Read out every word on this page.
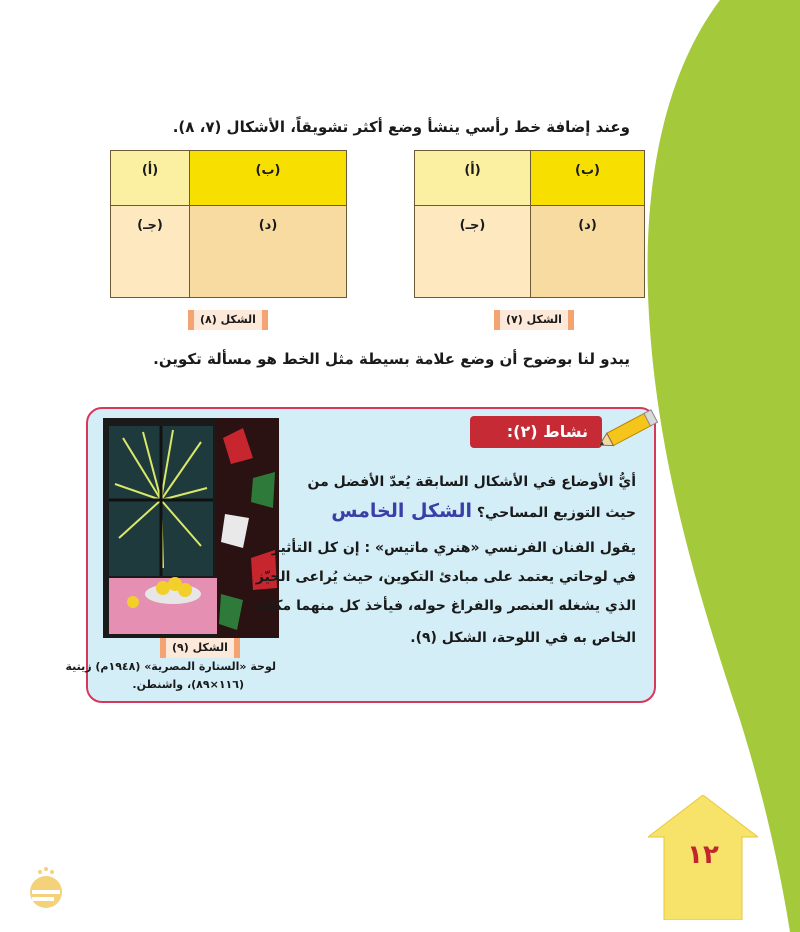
وعند إضافة خط رأسي ينشأ وضع أكثر تشويقاً، الأشكال (٧، ٨).
(أ)	(ب)
(جـ)	(د)
الشكل (٨)
(أ)	(ب)
(جـ)	(د)
الشكل (٧)
يبدو لنا بوضوح أن وضع علامة بسيطة مثل الخط هو مسألة تكوين.
نشاط (٢):
الشكل (٩)
لوحة «الستارة المصرية» (١٩٤٨م) زيتية
(١١٦×٨٩)، واشنطن.
أيُّ الأوضاع في الأشكال السابقة يُعدّ الأفضل من
حيث التوزيع المساحي؟ الشكل الخامس
يقول الفنان الفرنسي «هنري ماتيس» : إن كل التأثير
في لوحاتي يعتمد على مبادئ التكوين، حيث يُراعى الحيّز
الذي يشغله العنصر والفراغ حوله، فيأخذ كل منهما مكانه
الخاص به في اللوحة، الشكل (٩).
١٢
